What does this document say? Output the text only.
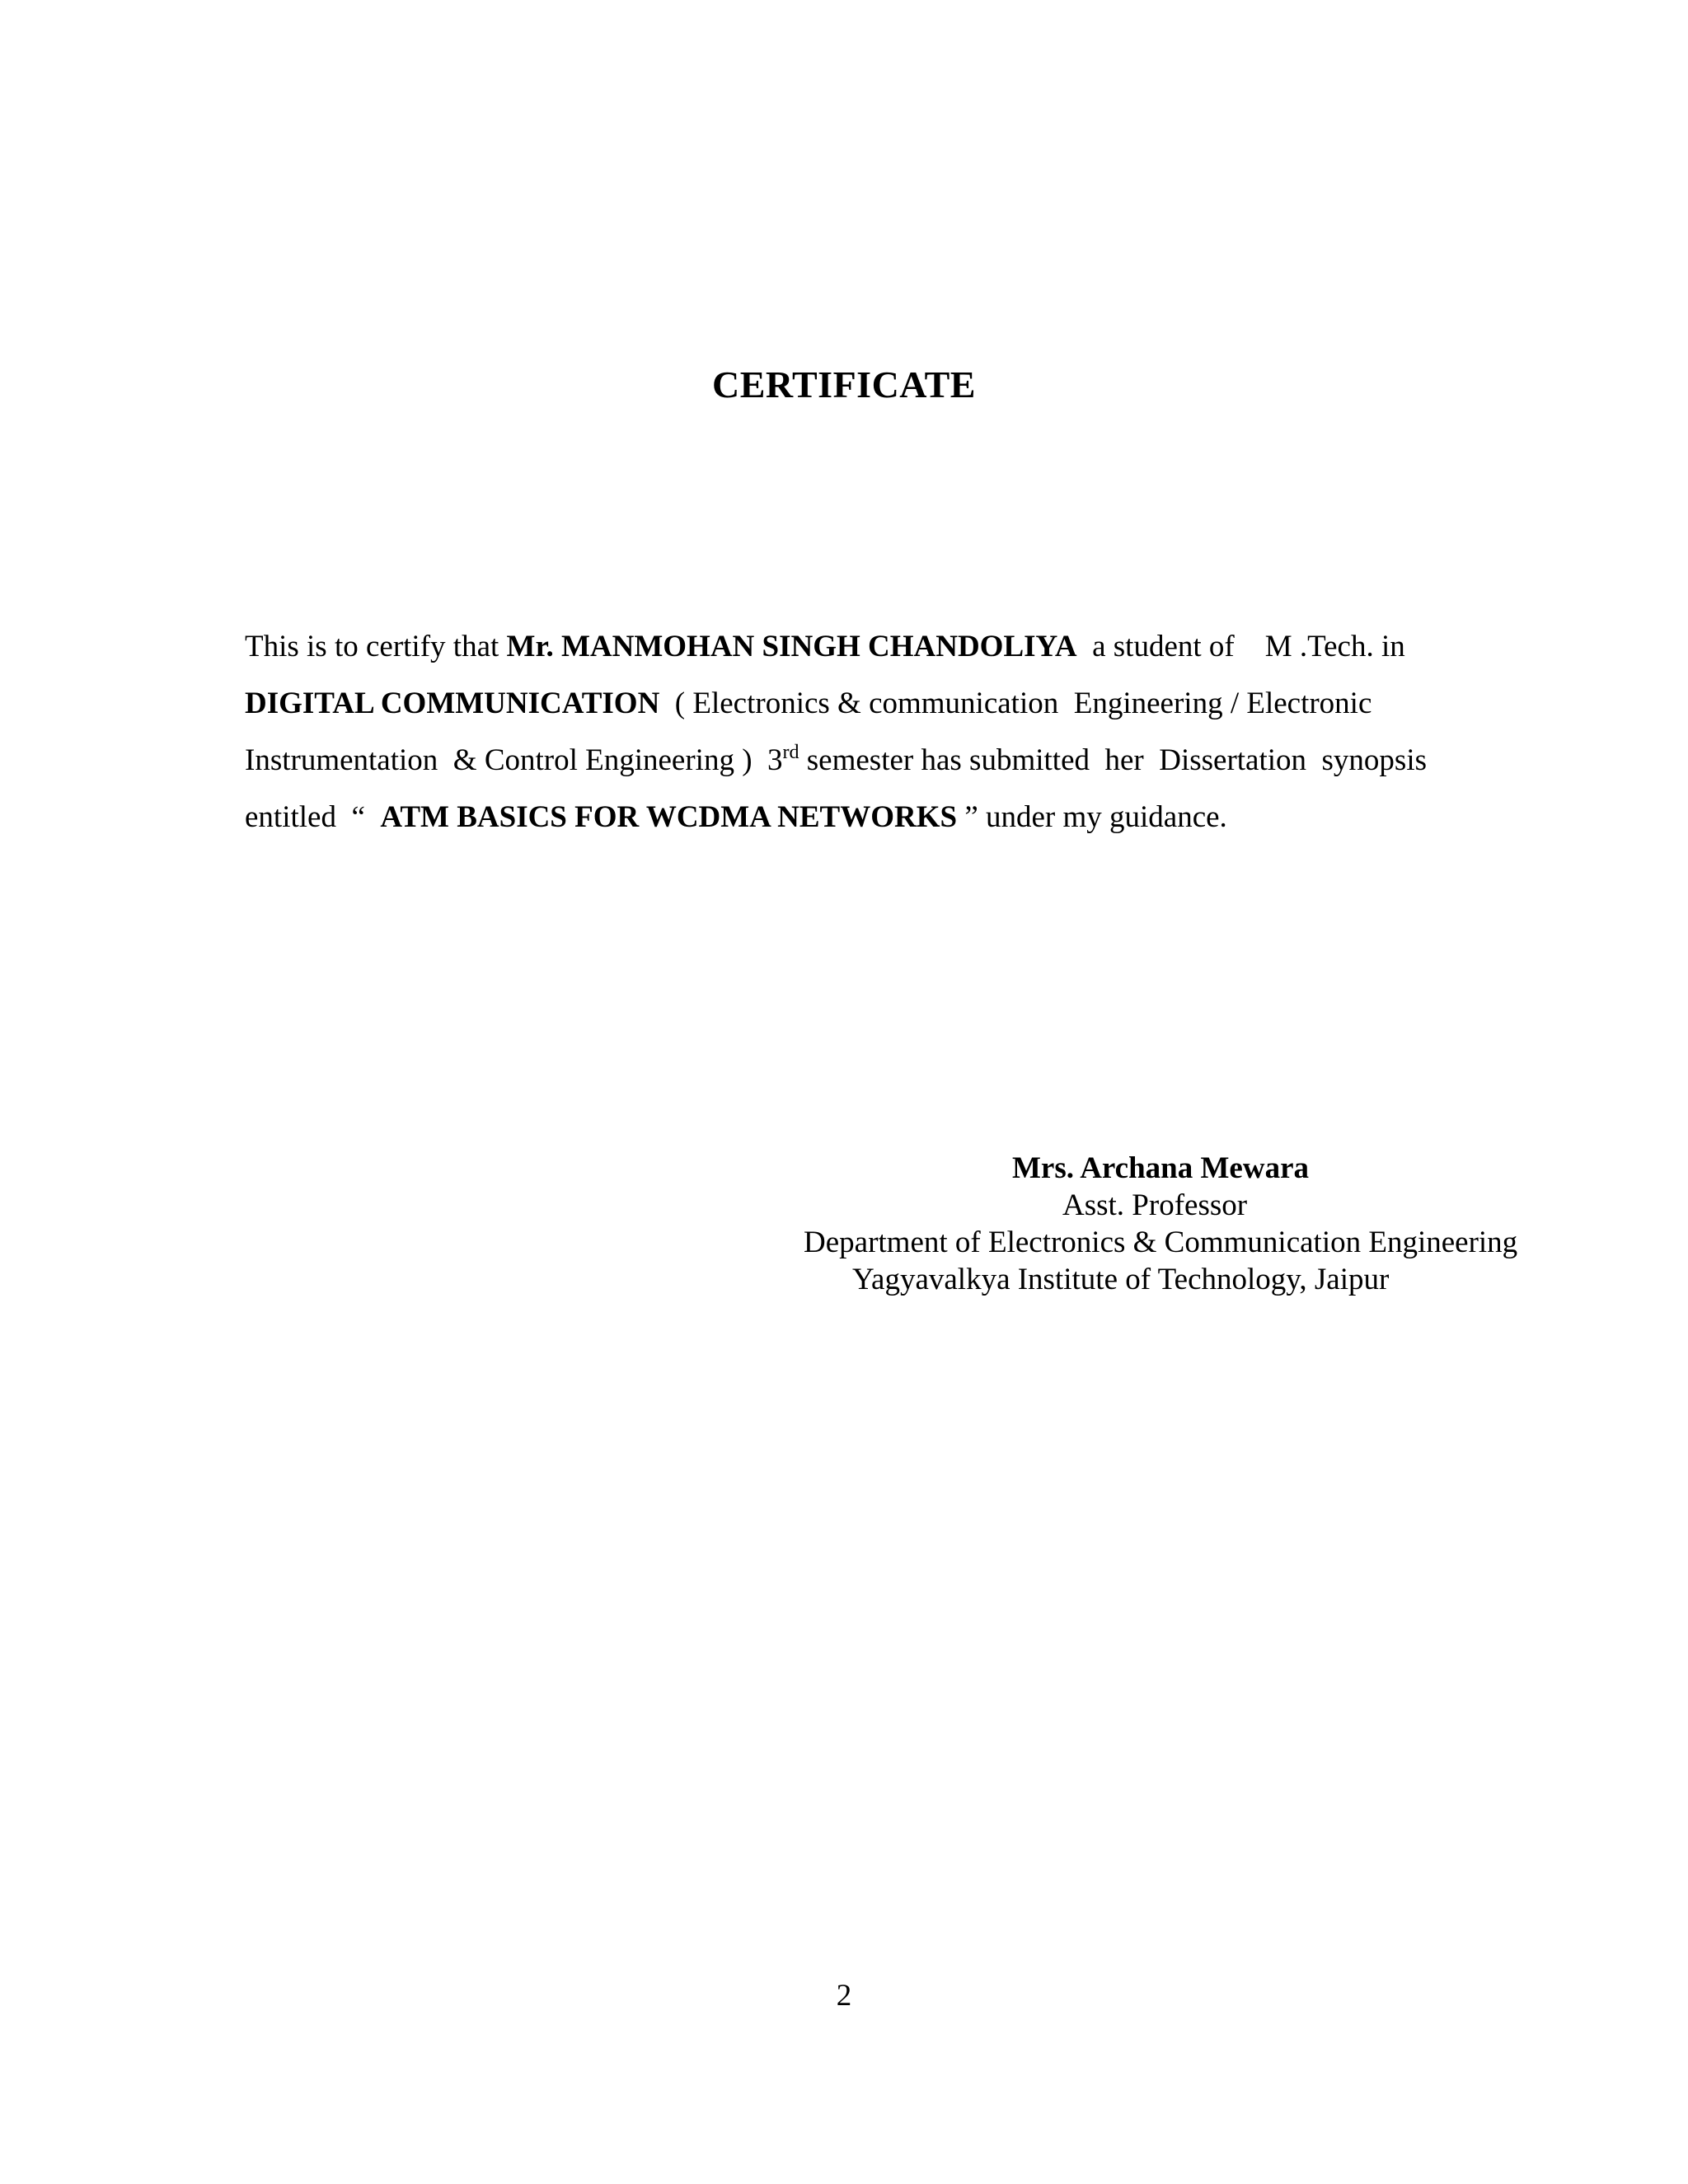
CERTIFICATE
This is to certify that Mr. MANMOHAN SINGH CHANDOLIYA  a student of    M .Tech. in
DIGITAL COMMUNICATION  ( Electronics & communication  Engineering / Electronic
Instrumentation  & Control Engineering )  3rd semester has submitted  her  Dissertation  synopsis
entitled  “  ATM BASICS FOR WCDMA NETWORKS ” under my guidance.
Mrs. Archana Mewara
Asst. Professor
Department of Electronics & Communication Engineering
Yagyavalkya Institute of Technology, Jaipur
2
